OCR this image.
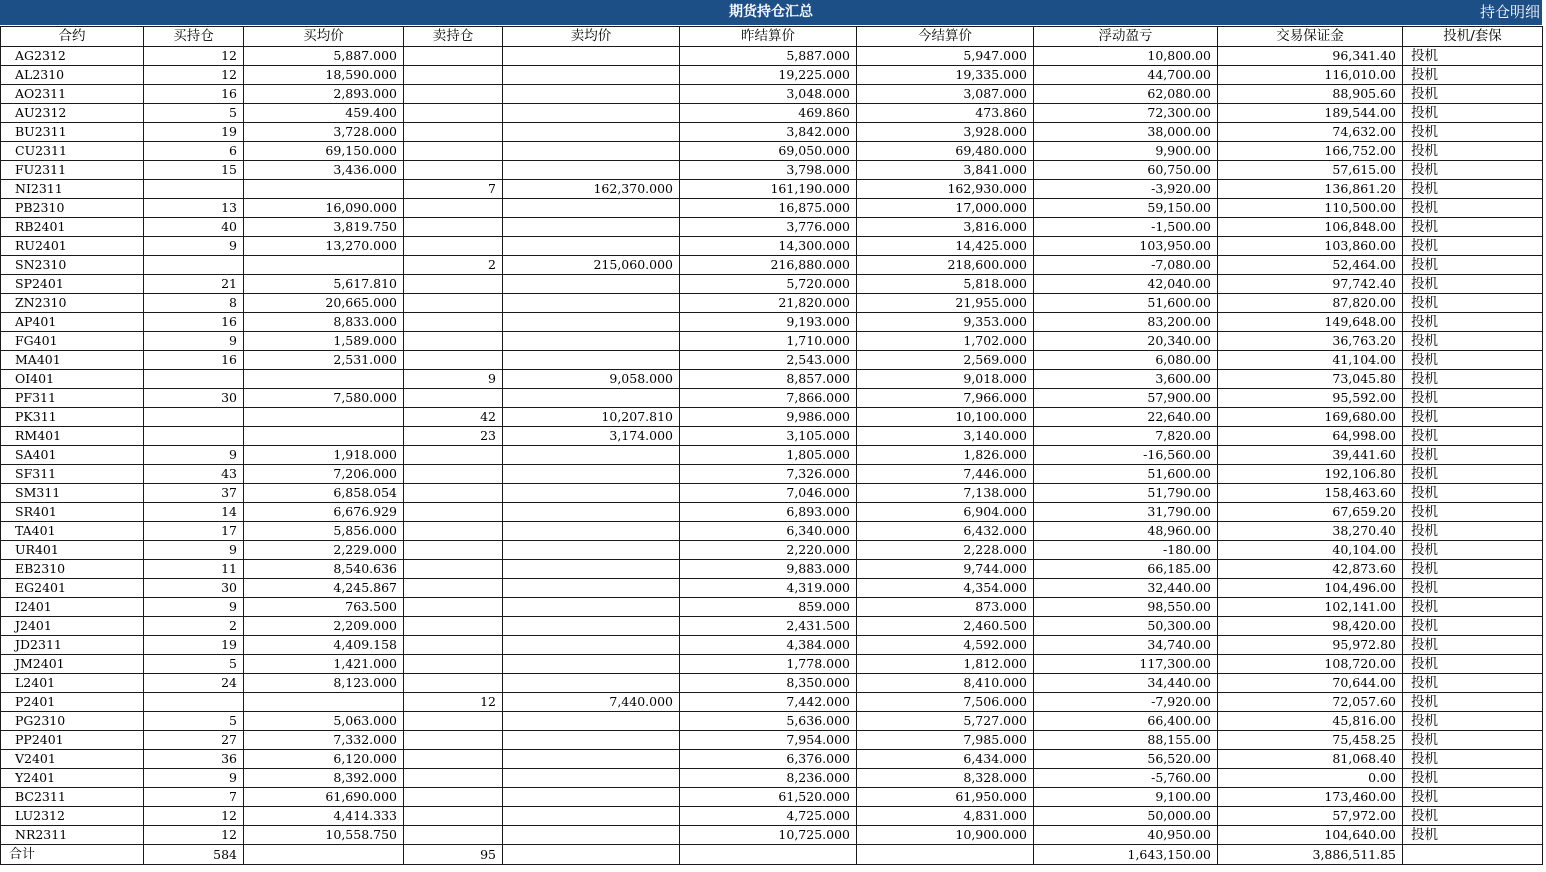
期货持仓汇总	持仓明细
合约	买持仓	买均价	卖持仓	卖均价	昨结算价	今结算价	浮动盈亏	交易保证金	投机/套保
AG2312	12	5,887.000			5,887.000	5,947.000	10,800.00	96,341.40	投机
AL2310	12	18,590.000			19,225.000	19,335.000	44,700.00	116,010.00	投机
AO2311	16	2,893.000			3,048.000	3,087.000	62,080.00	88,905.60	投机
AU2312	5	459.400			469.860	473.860	72,300.00	189,544.00	投机
BU2311	19	3,728.000			3,842.000	3,928.000	38,000.00	74,632.00	投机
CU2311	6	69,150.000			69,050.000	69,480.000	9,900.00	166,752.00	投机
FU2311	15	3,436.000			3,798.000	3,841.000	60,750.00	57,615.00	投机
NI2311			7	162,370.000	161,190.000	162,930.000	-3,920.00	136,861.20	投机
PB2310	13	16,090.000			16,875.000	17,000.000	59,150.00	110,500.00	投机
RB2401	40	3,819.750			3,776.000	3,816.000	-1,500.00	106,848.00	投机
RU2401	9	13,270.000			14,300.000	14,425.000	103,950.00	103,860.00	投机
SN2310			2	215,060.000	216,880.000	218,600.000	-7,080.00	52,464.00	投机
SP2401	21	5,617.810			5,720.000	5,818.000	42,040.00	97,742.40	投机
ZN2310	8	20,665.000			21,820.000	21,955.000	51,600.00	87,820.00	投机
AP401	16	8,833.000			9,193.000	9,353.000	83,200.00	149,648.00	投机
FG401	9	1,589.000			1,710.000	1,702.000	20,340.00	36,763.20	投机
MA401	16	2,531.000			2,543.000	2,569.000	6,080.00	41,104.00	投机
OI401			9	9,058.000	8,857.000	9,018.000	3,600.00	73,045.80	投机
PF311	30	7,580.000			7,866.000	7,966.000	57,900.00	95,592.00	投机
PK311			42	10,207.810	9,986.000	10,100.000	22,640.00	169,680.00	投机
RM401			23	3,174.000	3,105.000	3,140.000	7,820.00	64,998.00	投机
SA401	9	1,918.000			1,805.000	1,826.000	-16,560.00	39,441.60	投机
SF311	43	7,206.000			7,326.000	7,446.000	51,600.00	192,106.80	投机
SM311	37	6,858.054			7,046.000	7,138.000	51,790.00	158,463.60	投机
SR401	14	6,676.929			6,893.000	6,904.000	31,790.00	67,659.20	投机
TA401	17	5,856.000			6,340.000	6,432.000	48,960.00	38,270.40	投机
UR401	9	2,229.000			2,220.000	2,228.000	-180.00	40,104.00	投机
EB2310	11	8,540.636			9,883.000	9,744.000	66,185.00	42,873.60	投机
EG2401	30	4,245.867			4,319.000	4,354.000	32,440.00	104,496.00	投机
I2401	9	763.500			859.000	873.000	98,550.00	102,141.00	投机
J2401	2	2,209.000			2,431.500	2,460.500	50,300.00	98,420.00	投机
JD2311	19	4,409.158			4,384.000	4,592.000	34,740.00	95,972.80	投机
JM2401	5	1,421.000			1,778.000	1,812.000	117,300.00	108,720.00	投机
L2401	24	8,123.000			8,350.000	8,410.000	34,440.00	70,644.00	投机
P2401			12	7,440.000	7,442.000	7,506.000	-7,920.00	72,057.60	投机
PG2310	5	5,063.000			5,636.000	5,727.000	66,400.00	45,816.00	投机
PP2401	27	7,332.000			7,954.000	7,985.000	88,155.00	75,458.25	投机
V2401	36	6,120.000			6,376.000	6,434.000	56,520.00	81,068.40	投机
Y2401	9	8,392.000			8,236.000	8,328.000	-5,760.00	0.00	投机
BC2311	7	61,690.000			61,520.000	61,950.000	9,100.00	173,460.00	投机
LU2312	12	4,414.333			4,725.000	4,831.000	50,000.00	57,972.00	投机
NR2311	12	10,558.750			10,725.000	10,900.000	40,950.00	104,640.00	投机
合计	584		95				1,643,150.00	3,886,511.85	
